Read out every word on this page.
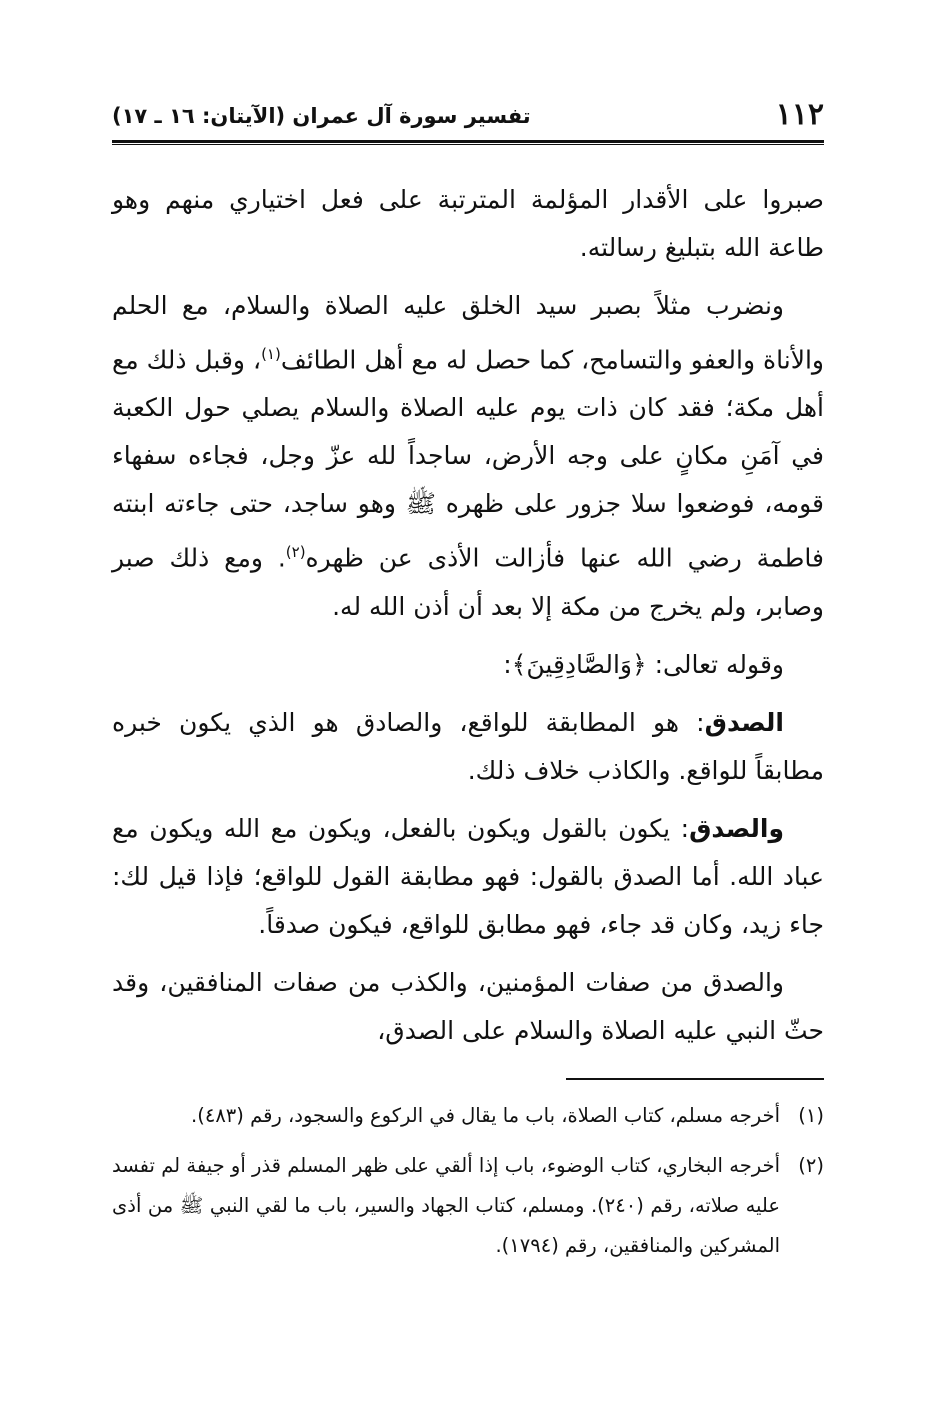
١١٢
تفسير سورة آل عمران (الآيتان: ١٦ ـ ١٧)

صبروا على الأقدار المؤلمة المترتبة على فعل اختياري منهم وهو طاعة الله بتبليغ رسالته.

ونضرب مثلاً بصبر سيد الخلق عليه الصلاة والسلام، مع الحلم والأناة والعفو والتسامح، كما حصل له مع أهل الطائف$^{(١)}$، وقبل ذلك مع أهل مكة؛ فقد كان ذات يوم عليه الصلاة والسلام يصلي حول الكعبة في آمَنِ مكانٍ على وجه الأرض، ساجداً لله عزّ وجل، فجاءه سفهاء قومه، فوضعوا سلا جزور على ظهره ﷺ وهو ساجد، حتى جاءته ابنته فاطمة رضي الله عنها فأزالت الأذى عن ظهره$^{(٢)}$. ومع ذلك صبر وصابر، ولم يخرج من مكة إلا بعد أن أذن الله له.

وقوله تعالى: ﴿وَالصَّادِقِينَ﴾:

الصدق: هو المطابقة للواقع، والصادق هو الذي يكون خبره مطابقاً للواقع. والكاذب خلاف ذلك.

والصدق: يكون بالقول ويكون بالفعل، ويكون مع الله ويكون مع عباد الله. أما الصدق بالقول: فهو مطابقة القول للواقع؛ فإذا قيل لك: جاء زيد، وكان قد جاء، فهو مطابق للواقع، فيكون صدقاً.

والصدق من صفات المؤمنين، والكذب من صفات المنافقين، وقد حثّ النبي عليه الصلاة والسلام على الصدق،

(١)
أخرجه مسلم، كتاب الصلاة، باب ما يقال في الركوع والسجود، رقم (٤٨٣).
(٢)
أخرجه البخاري، كتاب الوضوء، باب إذا ألقي على ظهر المسلم قذر أو جيفة لم تفسد عليه صلاته، رقم (٢٤٠). ومسلم، كتاب الجهاد والسير، باب ما لقي النبي ﷺ من أذى المشركين والمنافقين، رقم (١٧٩٤).
